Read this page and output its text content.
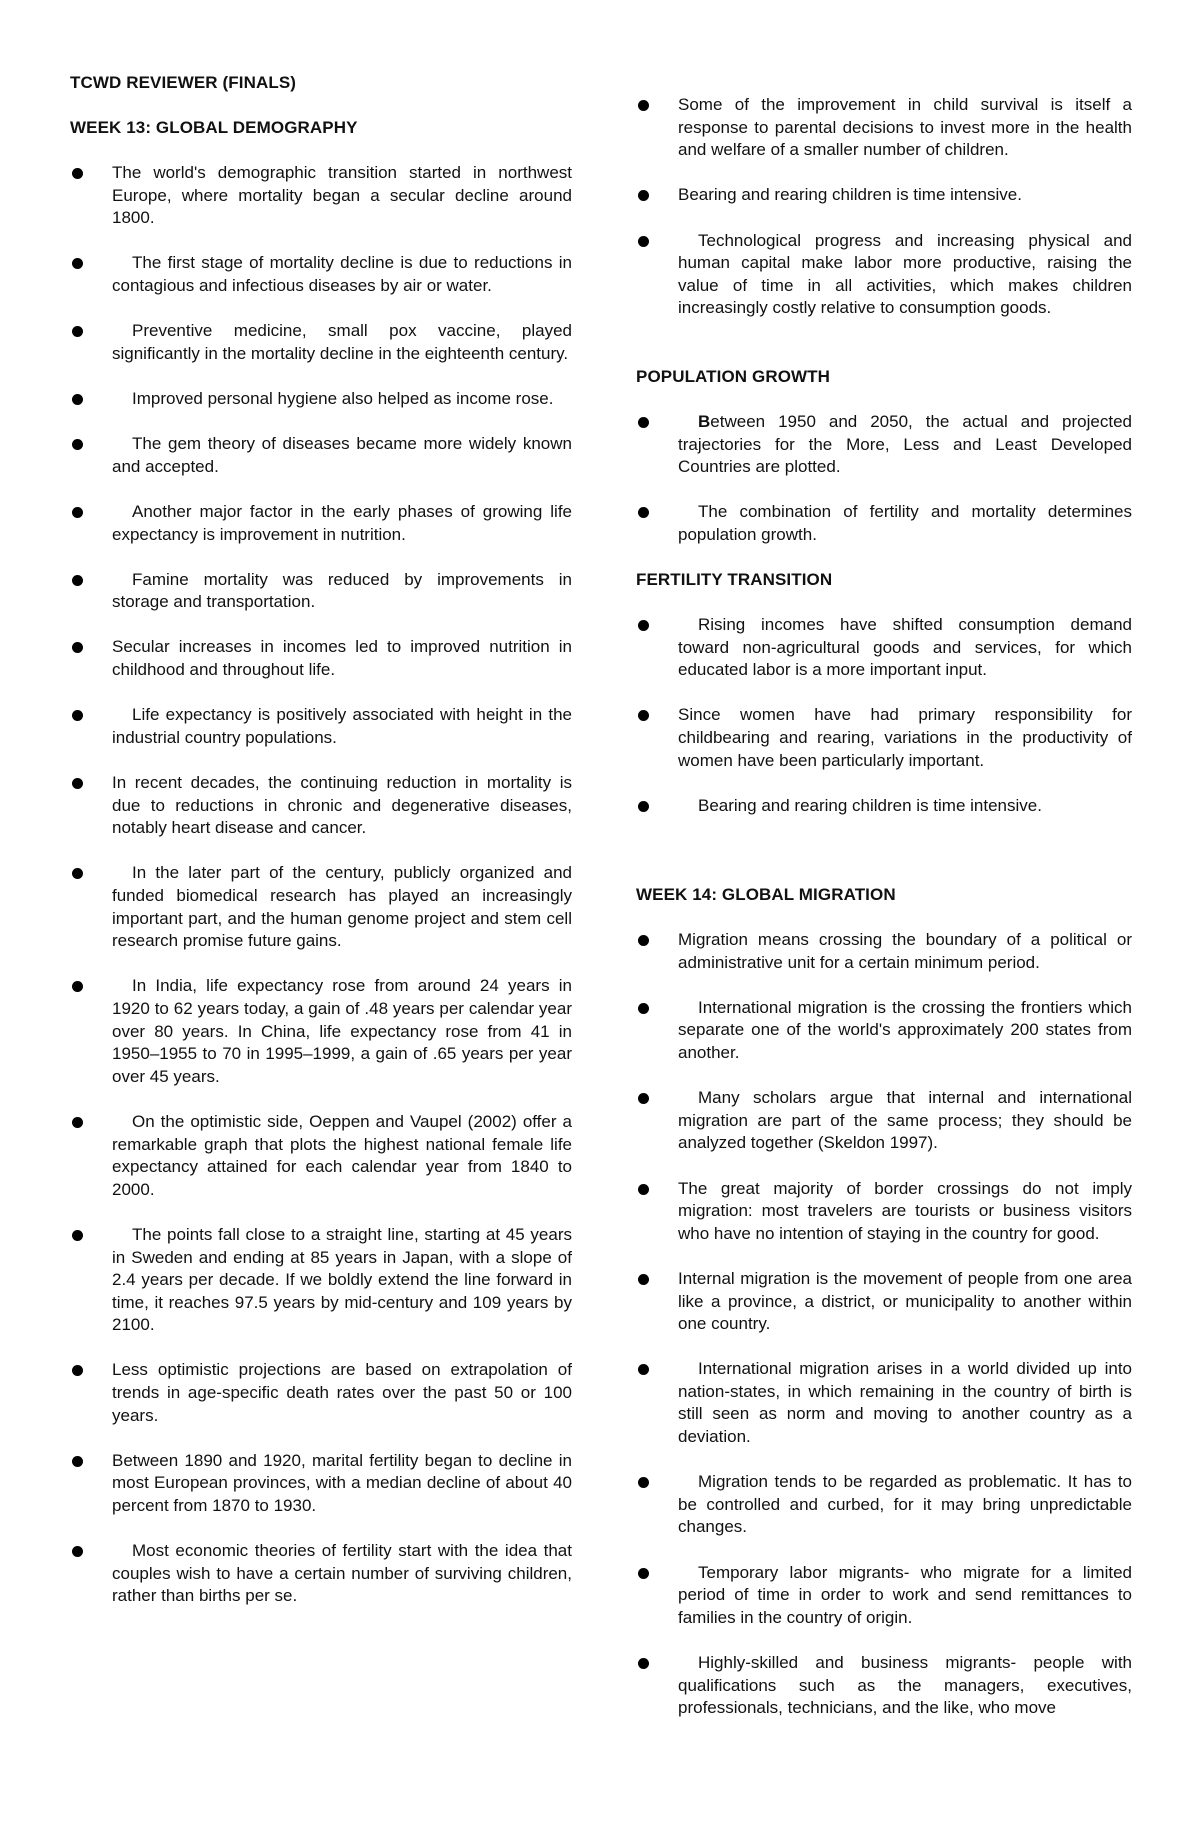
TCWD REVIEWER (FINALS)
WEEK 13: GLOBAL DEMOGRAPHY
The world's demographic transition started in northwest Europe, where mortality began a secular decline around 1800.
The first stage of mortality decline is due to reductions in contagious and infectious diseases by air or water.
Preventive medicine, small pox vaccine, played significantly in the mortality decline in the eighteenth century.
Improved personal hygiene also helped as income rose.
The gem theory of diseases became more widely known and accepted.
Another major factor in the early phases of growing life expectancy is improvement in nutrition.
Famine mortality was reduced by improvements in storage and transportation.
Secular increases in incomes led to improved nutrition in childhood and throughout life.
Life expectancy is positively associated with height in the industrial country populations.
In recent decades, the continuing reduction in mortality is due to reductions in chronic and degenerative diseases, notably heart disease and cancer.
In the later part of the century, publicly organized and funded biomedical research has played an increasingly important part, and the human genome project and stem cell research promise future gains.
In India, life expectancy rose from around 24 years in 1920 to 62 years today, a gain of .48 years per calendar year over 80 years. In China, life expectancy rose from 41 in 1950–1955 to 70 in 1995–1999, a gain of .65 years per year over 45 years.
On the optimistic side, Oeppen and Vaupel (2002) offer a remarkable graph that plots the highest national female life expectancy attained for each calendar year from 1840 to 2000.
The points fall close to a straight line, starting at 45 years in Sweden and ending at 85 years in Japan, with a slope of 2.4 years per decade. If we boldly extend the line forward in time, it reaches 97.5 years by mid-century and 109 years by 2100.
Less optimistic projections are based on extrapolation of trends in age-specific death rates over the past 50 or 100 years.
Between 1890 and 1920, marital fertility began to decline in most European provinces, with a median decline of about 40 percent from 1870 to 1930.
Most economic theories of fertility start with the idea that couples wish to have a certain number of surviving children, rather than births per se.
Some of the improvement in child survival is itself a response to parental decisions to invest more in the health and welfare of a smaller number of children.
Bearing and rearing children is time intensive.
Technological progress and increasing physical and human capital make labor more productive, raising the value of time in all activities, which makes children increasingly costly relative to consumption goods.
POPULATION GROWTH
Between 1950 and 2050, the actual and projected trajectories for the More, Less and Least Developed Countries are plotted.
The combination of fertility and mortality determines population growth.
FERTILITY TRANSITION
Rising incomes have shifted consumption demand toward non-agricultural goods and services, for which educated labor is a more important input.
Since women have had primary responsibility for childbearing and rearing, variations in the productivity of women have been particularly important.
Bearing and rearing children is time intensive.
WEEK 14: GLOBAL MIGRATION
Migration means crossing the boundary of a political or administrative unit for a certain minimum period.
International migration is the crossing the frontiers which separate one of the world's approximately 200 states from another.
Many scholars argue that internal and international migration are part of the same process; they should be analyzed together (Skeldon 1997).
The great majority of border crossings do not imply migration: most travelers are tourists or business visitors who have no intention of staying in the country for good.
Internal migration is the movement of people from one area like a province, a district, or municipality to another within one country.
International migration arises in a world divided up into nation-states, in which remaining in the country of birth is still seen as norm and moving to another country as a deviation.
Migration tends to be regarded as problematic. It has to be controlled and curbed, for it may bring unpredictable changes.
Temporary labor migrants- who migrate for a limited period of time in order to work and send remittances to families in the country of origin.
Highly-skilled and business migrants- people with qualifications such as the managers, executives, professionals, technicians, and the like, who move
